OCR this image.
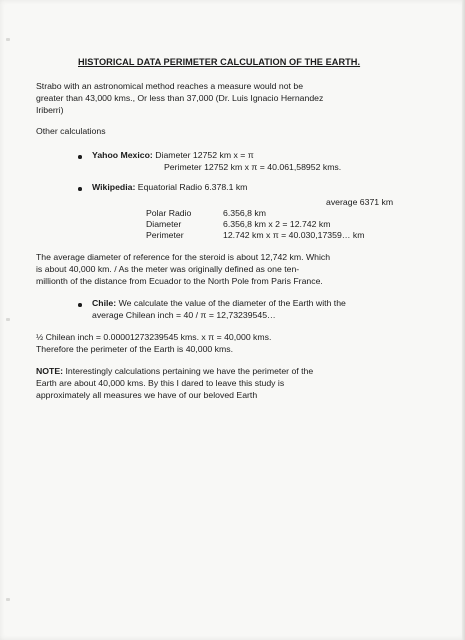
HISTORICAL DATA PERIMETER CALCULATION OF THE EARTH.
Strabo with an astronomical method reaches a measure would not be
greater than 43,000 kms., Or less than 37,000 (Dr. Luis Ignacio Hernandez
Iriberri)
Other calculations
Yahoo Mexico: Diameter 12752 km x = π
Perimeter 12752 km x π = 40.061,58952 kms.
Wikipedia: Equatorial Radio 6.378.1 km
average 6371 km
Polar Radio	6.356,8 km
Diameter	6.356,8 km x 2 = 12.742 km
Perimeter	12.742 km x π = 40.030,17359… km
The average diameter of reference for the steroid is about 12,742 km. Which
is about 40,000 km. / As the meter was originally defined as one ten-
millionth of the distance from Ecuador to the North Pole from Paris France.
Chile: We calculate the value of the diameter of the Earth with the
average Chilean inch = 40 / π = 12,73239545…
½ Chilean inch = 0.00001273239545 kms. x π = 40,000 kms.
Therefore the perimeter of the Earth is 40,000 kms.
NOTE: Interestingly calculations pertaining we have the perimeter of the
Earth are about 40,000 kms. By this I dared to leave this study is
approximately all measures we have of our beloved Earth
